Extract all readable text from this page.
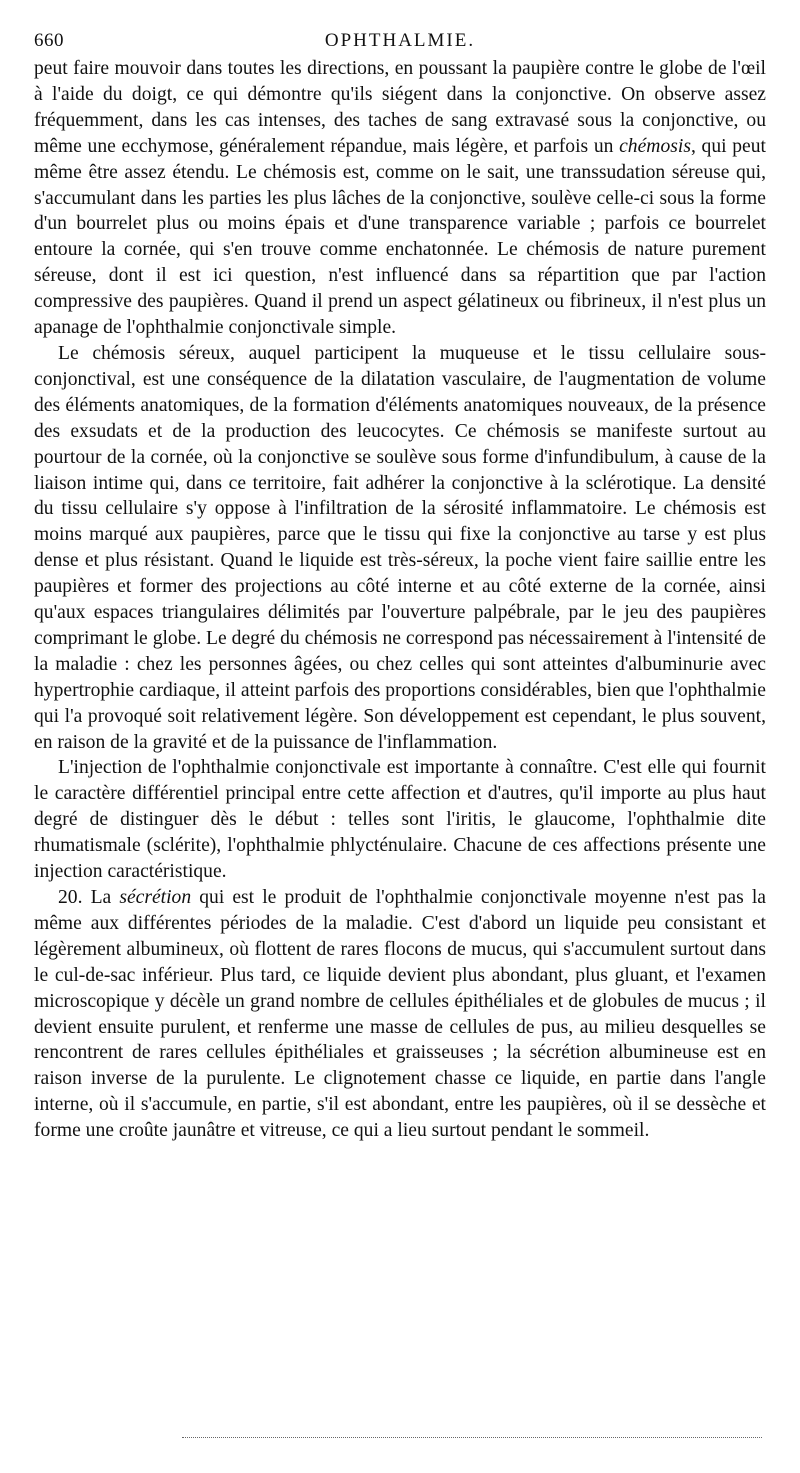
660	OPHTHALMIE.

peut faire mouvoir dans toutes les directions, en poussant la paupière contre le globe de l'œil à l'aide du doigt, ce qui démontre qu'ils siégent dans la conjonctive. On observe assez fréquemment, dans les cas intenses, des taches de sang extravasé sous la conjonctive, ou même une ecchymose, généralement répandue, mais légère, et parfois un chémosis, qui peut même être assez étendu. Le chémosis est, comme on le sait, une transsudation séreuse qui, s'accumulant dans les parties les plus lâches de la conjonctive, soulève celle-ci sous la forme d'un bourrelet plus ou moins épais et d'une transparence variable ; parfois ce bourrelet entoure la cornée, qui s'en trouve comme enchatonnée. Le chémosis de nature purement séreuse, dont il est ici question, n'est influencé dans sa répartition que par l'action compressive des paupières. Quand il prend un aspect gélatineux ou fibrineux, il n'est plus un apanage de l'ophthalmie conjonctivale simple.

Le chémosis séreux, auquel participent la muqueuse et le tissu cellulaire sous-conjonctival, est une conséquence de la dilatation vasculaire, de l'augmentation de volume des éléments anatomiques, de la formation d'éléments anatomiques nouveaux, de la présence des exsudats et de la production des leucocytes. Ce chémosis se manifeste surtout au pourtour de la cornée, où la conjonctive se soulève sous forme d'infundibulum, à cause de la liaison intime qui, dans ce territoire, fait adhérer la conjonctive à la sclérotique. La densité du tissu cellulaire s'y oppose à l'infiltration de la sérosité inflammatoire. Le chémosis est moins marqué aux paupières, parce que le tissu qui fixe la conjonctive au tarse y est plus dense et plus résistant. Quand le liquide est très-séreux, la poche vient faire saillie entre les paupières et former des projections au côté interne et au côté externe de la cornée, ainsi qu'aux espaces triangulaires délimités par l'ouverture palpébrale, par le jeu des paupières comprimant le globe. Le degré du chémosis ne correspond pas nécessairement à l'intensité de la maladie : chez les personnes âgées, ou chez celles qui sont atteintes d'albuminurie avec hypertrophie cardiaque, il atteint parfois des proportions considérables, bien que l'ophthalmie qui l'a provoqué soit relativement légère. Son développement est cependant, le plus souvent, en raison de la gravité et de la puissance de l'inflammation.

L'injection de l'ophthalmie conjonctivale est importante à connaître. C'est elle qui fournit le caractère différentiel principal entre cette affection et d'autres, qu'il importe au plus haut degré de distinguer dès le début : telles sont l'iritis, le glaucome, l'ophthalmie dite rhumatismale (sclérite), l'ophthalmie phlycténulaire. Chacune de ces affections présente une injection caractéristique.

20. La sécrétion qui est le produit de l'ophthalmie conjonctivale moyenne n'est pas la même aux différentes périodes de la maladie. C'est d'abord un liquide peu consistant et légèrement albumineux, où flottent de rares flocons de mucus, qui s'accumulent surtout dans le cul-de-sac inférieur. Plus tard, ce liquide devient plus abondant, plus gluant, et l'examen microscopique y décèle un grand nombre de cellules épithéliales et de globules de mucus ; il devient ensuite purulent, et renferme une masse de cellules de pus, au milieu desquelles se rencontrent de rares cellules épithéliales et graisseuses ; la sécrétion albumineuse est en raison inverse de la purulente. Le clignotement chasse ce liquide, en partie dans l'angle interne, où il s'accumule, en partie, s'il est abondant, entre les paupières, où il se dessèche et forme une croûte jaunâtre et vitreuse, ce qui a lieu surtout pendant le sommeil.
